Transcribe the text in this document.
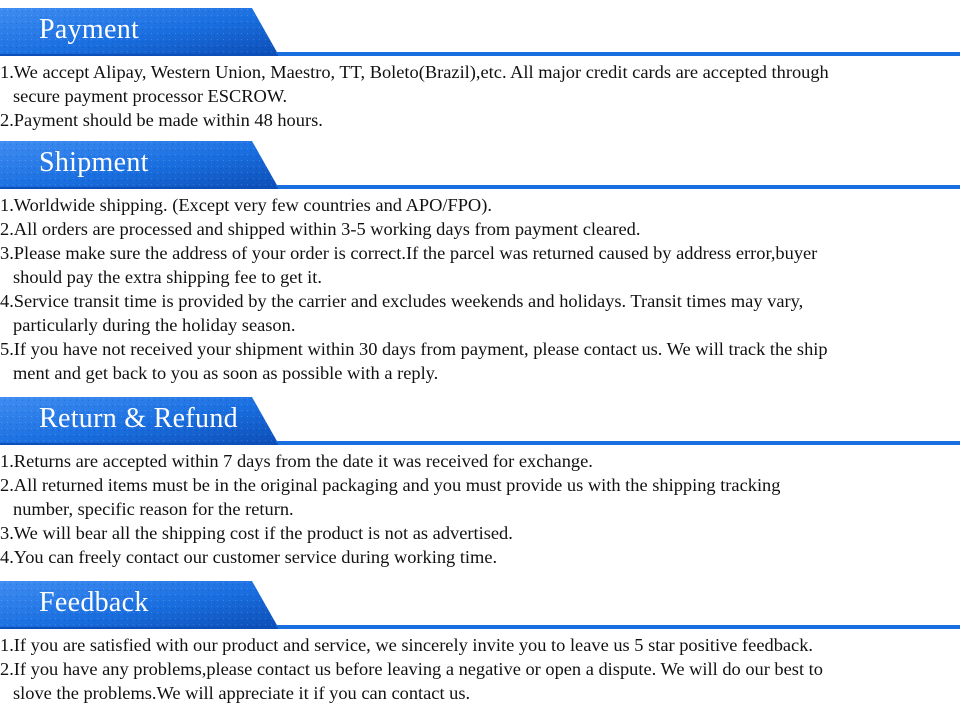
Payment
1.We accept Alipay, Western Union, Maestro, TT, Boleto(Brazil),etc. All major credit cards are accepted through
secure payment processor ESCROW.
2.Payment should be made within 48 hours.
Shipment
1.Worldwide shipping. (Except very few countries and APO/FPO).
2.All orders are processed and shipped within 3-5 working days from payment cleared.
3.Please make sure the address of your order is correct.If the parcel was returned caused by address error,buyer
should pay the extra shipping fee to get it.
4.Service transit time is provided by the carrier and excludes weekends and holidays. Transit times may vary,
particularly during the holiday season.
5.If you have not received your shipment within 30 days from payment, please contact us. We will track the ship
ment and get back to you as soon as possible with a reply.
Return & Refund
1.Returns are accepted within 7 days from the date it was received for exchange.
2.All returned items must be in the original packaging and you must provide us with the shipping tracking
number, specific reason for the return.
3.We will bear all the shipping cost if the product is not as advertised.
4.You can freely contact our customer service during working time.
Feedback
1.If you are satisfied with our product and service, we sincerely invite you to leave us 5 star positive feedback.
2.If you have any problems,please contact us before leaving a negative or open a dispute. We will do our best to
slove the problems.We will appreciate it if you can contact us.
